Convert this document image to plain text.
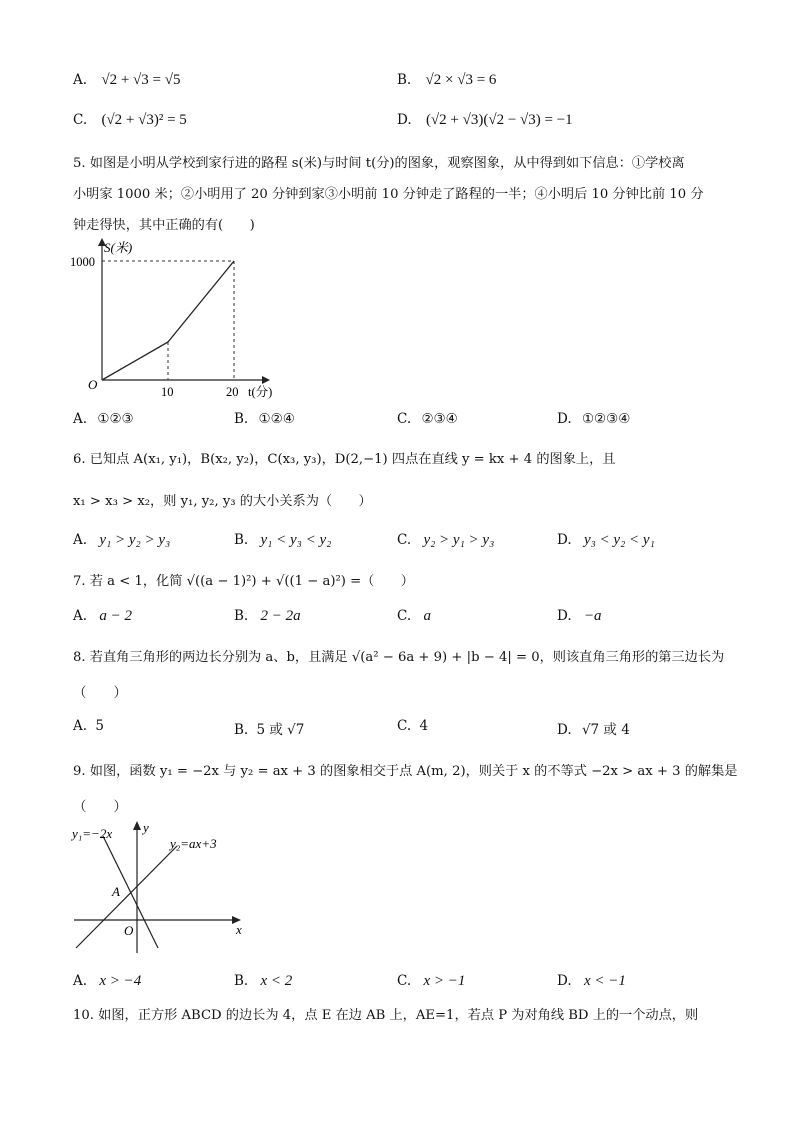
A. √2 + √3 = √5	B. √2 × √3 = 6
C. (√2 + √3)² = 5	D. (√2 + √3)(√2 − √3) = −1
5. 如图是小明从学校到家行进的路程 s(米)与时间 t(分)的图象，观察图象，从中得到如下信息：①学校离
小明家 1000 米；②小明用了 20 分钟到家③小明前 10 分钟走了路程的一半；④小明后 10 分钟比前 10 分
钟走得快，其中正确的有(　　)
S(米)
1000
O	10	20 t(分)
A. ①②③	B. ①②④	C. ②③④	D. ①②③④
6. 已知点 A(x₁, y₁)，B(x₂, y₂)，C(x₃, y₃)，D(2,−1) 四点在直线 y = kx + 4 的图象上，且
x₁ > x₃ > x₂，则 y₁, y₂, y₃ 的大小关系为（　　）
A. y₁ > y₂ > y₃	B. y₁ < y₃ < y₂	C. y₂ > y₁ > y₃	D. y₃ < y₂ < y₁
7. 若 a < 1，化简 √((a − 1)²) + √((1 − a)²) =（　　）
A. a − 2	B. 2 − 2a	C. a	D. −a
8. 若直角三角形的两边长分别为 a、b，且满足 √(a² − 6a + 9) + |b − 4| = 0，则该直角三角形的第三边长为
（　　）
A. 5	B. 5 或 √7	C. 4	D. √7 或 4
9. 如图，函数 y₁ = −2x 与 y₂ = ax + 3 的图象相交于点 A(m, 2)，则关于 x 的不等式 −2x > ax + 3 的解集是
（　　）
y₁=−2x
y₂=ax+3
A
O	x
y
A. x > −4	B. x < 2	C. x > −1	D. x < −1
10. 如图，正方形 ABCD 的边长为 4，点 E 在边 AB 上，AE=1，若点 P 为对角线 BD 上的一个动点，则
